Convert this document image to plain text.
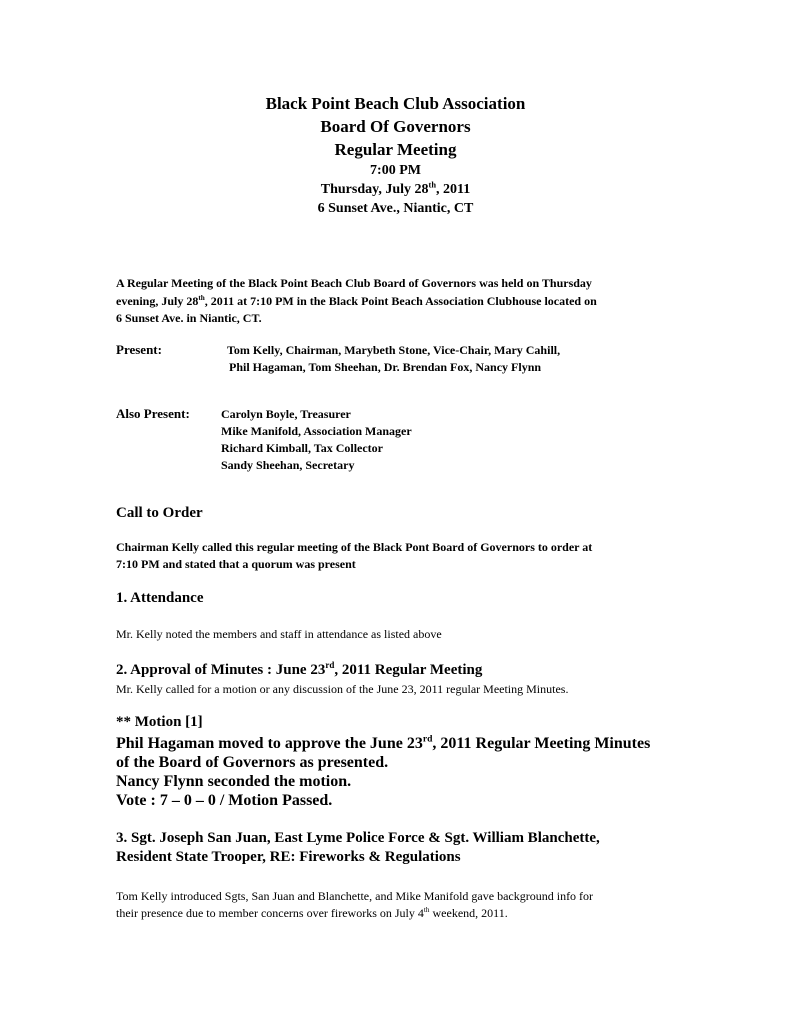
Black Point Beach Club Association
Board Of Governors
Regular Meeting
7:00 PM
Thursday, July 28th, 2011
6 Sunset Ave., Niantic, CT
A Regular Meeting of the Black Point Beach Club Board of Governors was held on Thursday
evening, July 28th, 2011 at 7:10 PM in the Black Point Beach Association Clubhouse located on
6 Sunset Ave. in Niantic, CT.
Present:	Tom Kelly, Chairman, Marybeth Stone, Vice-Chair, Mary Cahill,
Phil Hagaman, Tom Sheehan, Dr. Brendan Fox, Nancy Flynn
Also Present:	Carolyn Boyle, Treasurer
Mike Manifold, Association Manager
Richard Kimball, Tax Collector
Sandy Sheehan, Secretary
Call to Order
Chairman Kelly called this regular meeting of the Black Pont Board of Governors to order at
7:10 PM and stated that a quorum was present
1. Attendance
Mr. Kelly noted the members and staff in attendance as listed above
2. Approval of Minutes : June 23rd, 2011 Regular Meeting
Mr. Kelly called for a motion or any discussion of the June 23, 2011 regular Meeting Minutes.
** Motion [1]
Phil Hagaman moved to approve the June 23rd, 2011 Regular Meeting Minutes
of the Board of Governors as presented.
Nancy Flynn seconded the motion.
Vote : 7 – 0 – 0 / Motion Passed.
3. Sgt. Joseph San Juan, East Lyme Police Force & Sgt. William Blanchette,
Resident State Trooper, RE: Fireworks & Regulations
Tom Kelly introduced Sgts, San Juan and Blanchette, and Mike Manifold gave background info for
their presence due to member concerns over fireworks on July 4th weekend, 2011.
